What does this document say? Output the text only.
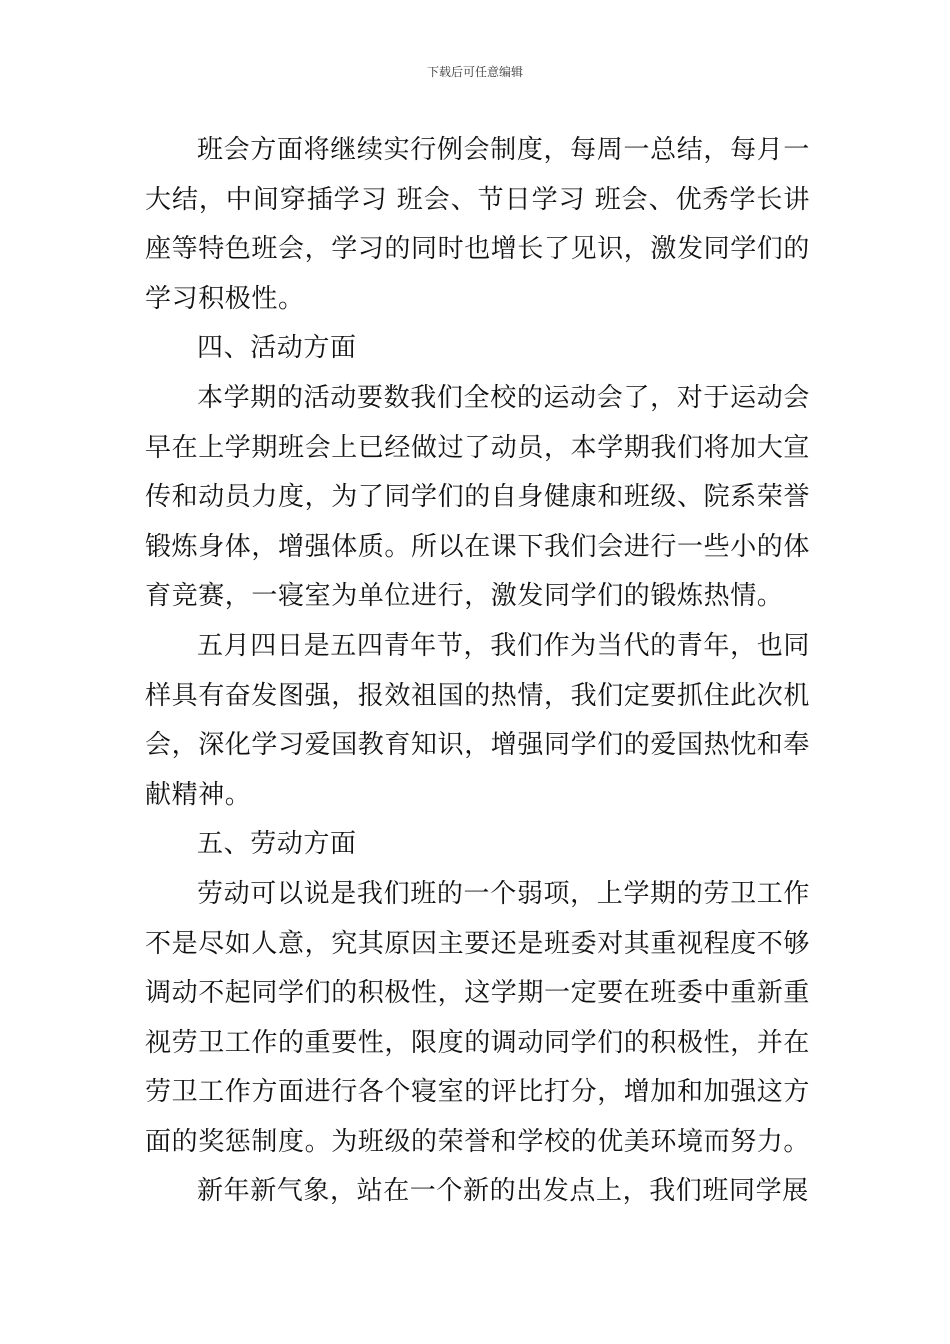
下载后可任意编辑

班会方面将继续实行例会制度，每周一总结，每月一大结，中间穿插学习 班会、节日学习 班会、优秀学长讲座等特色班会，学习的同时也增长了见识，激发同学们的学习积极性。

四、活动方面

本学期的活动要数我们全校的运动会了，对于运动会早在上学期班会上已经做过了动员，本学期我们将加大宣传和动员力度，为了同学们的自身健康和班级、院系荣誉锻炼身体，增强体质。所以在课下我们会进行一些小的体育竞赛，一寝室为单位进行，激发同学们的锻炼热情。

五月四日是五四青年节，我们作为当代的青年，也同样具有奋发图强，报效祖国的热情，我们定要抓住此次机会，深化学习爱国教育知识，增强同学们的爱国热忱和奉献精神。

五、劳动方面

劳动可以说是我们班的一个弱项，上学期的劳卫工作不是尽如人意，究其原因主要还是班委对其重视程度不够调动不起同学们的积极性，这学期一定要在班委中重新重视劳卫工作的重要性，限度的调动同学们的积极性，并在劳卫工作方面进行各个寝室的评比打分，增加和加强这方面的奖惩制度。为班级的荣誉和学校的优美环境而努力。

新年新气象，站在一个新的出发点上，我们班同学展
